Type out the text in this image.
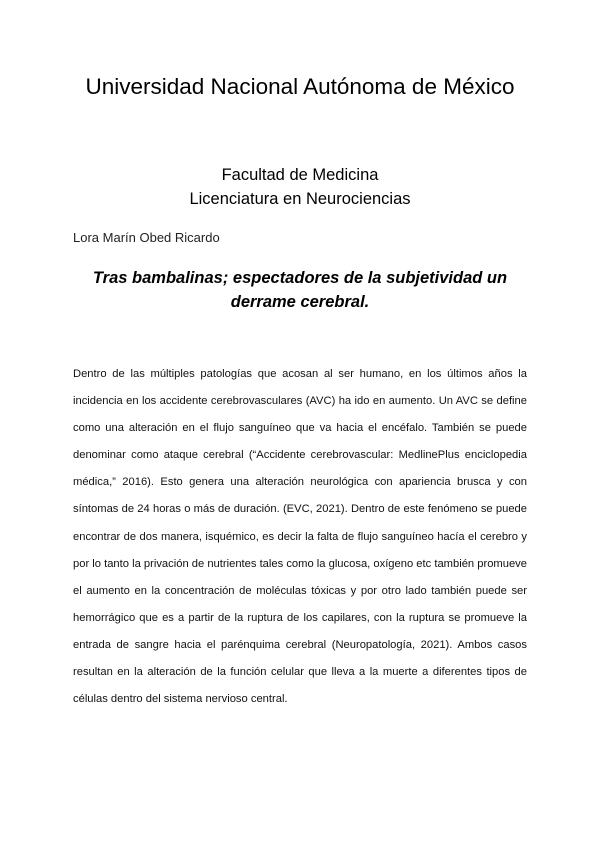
Universidad Nacional Autónoma de México
Facultad de Medicina
Licenciatura en Neurociencias
Lora Marín Obed Ricardo
Tras bambalinas; espectadores de la subjetividad un derrame cerebral.

Dentro de las múltiples patologías que acosan al ser humano, en los últimos años la incidencia en los accidente cerebrovasculares (AVC) ha ido en aumento. Un AVC se define como una alteración en el flujo sanguíneo que va hacia el encéfalo. También se puede denominar como ataque cerebral (“Accidente cerebrovascular: MedlinePlus enciclopedia médica,” 2016). Esto genera una alteración neurológica con apariencia brusca y con síntomas de 24 horas o más de duración. (EVC, 2021). Dentro de este fenómeno se puede encontrar de dos manera, isquémico, es decir la falta de flujo sanguíneo hacía el cerebro y por lo tanto la privación de nutrientes tales como la glucosa, oxígeno etc también promueve el aumento en la concentración de moléculas tóxicas y por otro lado también puede ser hemorrágico que es a partir de la ruptura de los capilares, con la ruptura se promueve la entrada de sangre hacia el parénquima cerebral (Neuropatología, 2021). Ambos casos resultan en la alteración de la función celular que lleva a la muerte a diferentes tipos de células dentro del sistema nervioso central.
